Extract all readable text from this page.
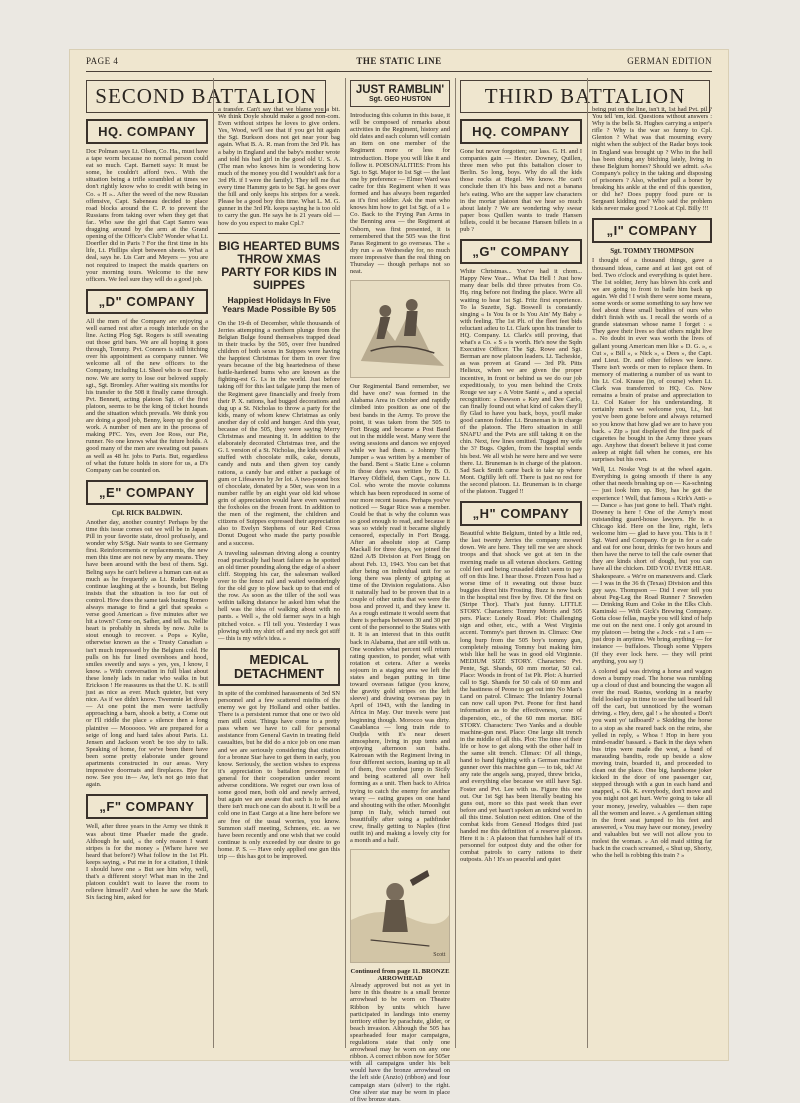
PAGE 4	THE STATIC LINE	GERMAN EDITION
SECOND BATTALION
HQ. COMPANY

Doc Polman says Lt. Olsen, Co. Ha., must have a tape worm because no normal person could eat so much. Capt. Barnett says: It must be some, he couldn't afford two.. With the situation being a trifle scrambled at times we don't rightly know who to credit with being in Co. « H ».. After the weed of the new Russian offensive, Capt. Sabeneau decided to place road blocks around the C. P. to prevent the Russians from taking over when they get that far.. Who saw the girl that Capt Samro was dragging around by the arm at the Grand opening of the Officer's Club? Wonder what Lt. Doerfler did in Paris ? For the first time in his life, Lt. Phillips slept between sheets. What a deal, says he. Lts Carr and Meyers — you are not required to inspect the maids quarters on your morning tours. Welcome to the new officers. We feel sure they will do a good job.

„D" COMPANY

All the men of the Company are enjoying a well earned rest after a rough interlude on the line. Acting Plog Sgt. Rogers is still sweating out those grid bars. We are all hoping it goes through, Tommy. Pvt. Conners is still bitching over his appointment as company runner. We welcome all of the new officers to the Company, including Lt. Sheel who is our Exec. now. We are sorry to lose our beloved supply sgt., Sgt. Bromley. After waiting six months for his transfer to the 508 it finally came through. Pvt. Bennett, acting platoon Sgt. of the first platoon, seems to be the king of ticket hounds and the situation which prevails. We think you are doing a good job, Benny, keep up the good work. A number of men are in the process of making PFC. Yes, even Joe Ross, our Pie, runner. No one knows what the future holds. A good many of the men are sweating out passes as well as 48 hr. jobs to Paris. But, regardless of what the future holds in store for us, a D's Company can be counted on.

„E" COMPANY
Cpl. RICK BALDWIN.

Another day, another country! Perhaps by the time this issue comes out we will be in Japan. Pill in your favorite state, drool profusely, and wonder why S/Sgt. Nair wants to see Germany first. Reinforcements or replacements, the new men this time are not new by any means. They have been around with the best of them. Sgt. Beling says he can't believe a human can eat as much as he frequently as Lt. Ruder. People continue laughing at the « bounds, but Beling insists that the situation is too far out of control. How does the same task busing Romeo always manage to find a girl that speaks « verse good American » five minutes after we hit a town? Come on, Sather, and tell us. Nellie heart is probably in shreds by now. Julie is stout enough to recover. « Pops » Kylie, otherwise known as the « Trusty Canadian » isn't much impressed by the Belgium cold. He pulls on his fur lined overshoes and hood, smiles sweetly and says « yes, yes, I know, I know. » With conversation in full blast about these lonely lads in radar who walks in but Erickson ! He reassures us that the U. K. is still just as nice as ever. Much quieter, but very nice. As if we didn't know. Twemmie let down — At one point the men were tactfully approaching a barn, shook a betty, a Come out or I'll riddle the place » silence then a long plaintive — Moooooo. We are prepared for a seige of long and hard tales about Paris. Lt. Jensen and Jackson won't be too shy to talk. Speaking of home, for we've been there have been some pretty elaborate under ground apartments constructed in our areas. Very impressive doormats and fireplaces. Bye for now. See you in— Aw, let's not go into that again.

„F" COMPANY

Well, after three years in the Army we think it was about time Phaeler made the grade. Although he said, « the only reason I want stripes is for the money » (Where have we heard that before?) What follow in the 1st Plt. keeps saying, « Put me in for a citation, I think I should have one » But see him why, well, that's a different story! What man in the 2nd platoon couldn't wait to leave the room to relieve himself? And when he saw the Mark Six facing him, asked for

a transfer. Can't say that we blame you a bit. We think Doyle should make a good non-com. Even without stripes he loves to give orders. Yes, Wood, we'll see that if you get hit again the Sgt. Burkson does not get near your bag again. What B. A. R. man from the 3rd Plt. has a baby in England and the baby's mother wrote and told his bad girl in the good old U. S. A. (The man who knows him is wondering how much of the money you did I wouldn't ask for a 3rd Plt. if I were the family). They tell me that every time Hammy gets to be Sgt. he goes over the hill and only keeps his stripes for a week. Please be a good boy this time. What L. M. G. gunner in the 3rd Plt. keeps saying he is too old to carry the gun. He says he is 21 years old — how do you expect to make Cpl.?

BIG HEARTED BUMS THROW XMAS PARTY FOR KIDS IN SUIPPES
Happiest Holidays In Five Years Made Possible By 505

On the 19-th of December, while thousands of Jerries attempting a northern plunge from the Belgian Bulge found themselves trapped dead in their tracks by the 505, over five hundred children of both sexes in Suippes were having the happiest Christmas for them in over five years because of the big heartedness of these battle-hardened bums who are known as the fighting-est G. I.s in the world. Just before taking off for this last tailgate jump the men of the Regiment gave financially and freely from their P. X. rations, had bugged decorations and dug up a St. Nicholas to throw a party for the kids, many of whom knew Christmas as only another day of cold and hunger. And this year, because of the 505, they were saying Merry Christmas and meaning it. In addition to the elaborately decorated Christmas tree, and the G. I. version of a St. Nicholas, the kids were all stuffed with chocolate milk, cake, donuts, candy and nuts and then given toy candy rations, a candy bar and either a package of gum or Lifesavers by Jer lot. A two-pound box of chocolate, donated by a 50er, was won in a number raffle by an eight year old kid whose grin of appreciation would have even warmed the foxholes on the frozen front. In addition to the men of the regiment, the children and citizens of Suippes expressed their appreciation also to Evelyn Stephens of our Red Cross Donut Dugout who made the party possible and a success.

A traveling salesman driving along a country road practically had heart failure as he spotted an old timer pounding along the edge of a sheer cliff. Stopping his car, the salesman walked over to the fence rail and waited wonderingly for the old guy to plow back up to that end of the row. As soon as the tiller of the soil was within talking distance he asked him what the hell was the idea of walking about with no pants. « Well », the old farmer says in a high pitched voice. « I'll tell you. Yesterday I was plowing with my shirt off and my neck got stiff — this is my wife's idea. »

MEDICAL DETACHMENT

In spite of the combined harassments of 3rd SN personnel and a few scattered misfits of the enemy we got by Holland and other battles. There is a persistent rumor that one or two old men still exist. Things have come to a pretty pass when we have to call for personal assistance from General Gavin in treating field casualties, but he did do a nice job on one man and we are seriously considering that citation for a bronze Star have to get them in early, you know. Seriously, the section wishes to express it's appreciation to battalion personnel in general for their cooperation under recent adverse conditions. We regret our own loss of some good men, both old and newly arrived, but again we are aware that such is to be and there isn't much one can do about it. It will be a cold one in East Cargo at a line here before we are free of the usual worries, you know. Summon staff meeting, Schmees, etc. as we have been recently and one wish that we could continue is only exceeded by our desire to go home. P. S. — Have only applied one gun this trip — this has got to be improved.

JUST RAMBLIN'
Sgt. GEO HUSTON

Introducing this column in this issue, it will be composed of remarks about activities in the Regiment, history and old dates and each column will contain an item on one member of the Regiment more or less for introduction. Hope you will like it and follow it. POISONALITIES: From his Sgt. to Sgt. Major to 1st Sgt — the last one by preference — Elmer Ward was cadre for this Regiment when it was formed and has always been regarded as it's first soldier. Ask the man who knows him how to get 1st Sgt. of a 1 » Co. Back to the Frying Pan Arms in the Benning area — the Regiment at Osborn, was first presented, it is remembered that the 505 was the first Paras Regiment to go overseas. The « dry run » as Wednesday for, no much more impressive than the real thing on Thursday — though perhaps not so neat.

Our Regimental Band remember, we did have one? was formed in the Alabama Area in October and rapidly climbed into position as one of the best bands in the Army. To prove the point, it was taken from the 505 to Fort Bragg and became a Post Band out in the middle west. Many were the swing sessions and dances we enjoyed while we had them. « Johnny The Jumper » was written by a member of the band. Bent « Static Line » column in those days was written by B. O. Harvey Oldfield, then Capt., now Lt. Col. who wrote the movie columns which has been reproduced in some of our more recent issues. Perhaps you've noticed — Sugar Rice was a member. Could be that is why the column was so good enough to read, and because it was so widely read it became slightly censored, especially in Fort Bragg. After an absolute stop at Camp Mackall for three days, we joined the 82nd A/B Division at Fort Bragg on about Feb. 13, 1943. You can bet that after being on individual unit for so long there was plenty of griping at time of the Division regulations. Also it naturally had to be proven that in a couple of other units that we were the boss and proved it, and they knew it. As a rough estimate it would seem that there is perhaps between 30 and 30 per cent of the personnel to the States with it. It is an interest that in this outfit back in Alabama, that are still with us. One wonders what percent will return rating question, to ponder, what with rotation et cetera. After a weeks sojourn in a staging area we left the states and began putting in time toward overseas fatigue (you know, the gravity gold stripes on the left sleeve) and drawing overseas pay in April of 1943, with the landing in Africa in May. Our travels were just beginning though. Morocco was dirty. Casablanca — long train ride to Oudjda with it's near desert atmosphere, living in pup tents and enjoying afternoon sun baths. Kairouan with the Regiment living in four different sectors, leaning up in all of them, five combat jump in Sicily and being scattered all over hell forming as a unit. Then back to Africa trying to catch the enemy for another weary — eating grapes on one hand and shouting with the other. Moonlight jump in Italy, which turned out beautifully after using a pathfinder crew, finally getting to Naples (first outfit in) and making a lovely city for a month and a half.

Scott
Continued from page 11. BRONZE ARROWHEAD

Already approved but not as yet in here in this theatre is a small bronze arrowhead to be worn on Theatre Ribbon by units which have participated in landings into enemy territory either by parachute, glider, or beach invasion. Although the 505 has spearheaded four major campaigns, regulations state that only one arrowhead may be worn on any one ribbon. A correct ribbon now for 505er with all campaigns under his belt would have the bronze arrowhead on the left side (Anzio) (ribbon) and four campaign stars (silver) to the right. One silver star may be worn in place of five bronze stars.

THIRD BATTALION
HQ. COMPANY

Gone but never forgotten; our lass. G. H. and I companies gain — Hester. Downey, Quillen, three men who put this battalion closer to Berlin. So long, boys. Why do all the kids those rocks at Hegel. We know. He can't conclude then it's his bass and not a banana he's eating. Who are the sapper law characters in the mortar platoon that we hear so much about lately ? We are wondering why swear paper boss Quillen wants to trade Hansen billets, could it be because Hansen billets in a pub ?

„G" COMPANY

White Christmas... You've had it chom... Happy New Year... What Da Hell ! Just how many dear bells did three privates from Co. Hq. ring before not finding the place. We're all waiting to hear 1st Sgt. Fritz first experience. To la Suzette, Sgt. Boswell is constantly singing « Is You Is or Is You Ain' My Baby » with feeling. The 1st Plt. of the fleet feet bids reluctant adieu to Lt. Clark upon his transfer to HQ. Company. Lt. Clark's still proving, that what's a Co. « S » is worth. He's now the Sqdn Executive Officer. The Sgt. Rowe and Sgt. Berman are now platoon leaders. Lt. Tacheskie, as was proven at Grand — 3rd Plt. Pitts Helieux, when we are given the proper incentive, in front or behind us we do our job expeditiously, to you men behind the Croix Rouge we say « A Votre Santé », and a special recognition: « Dawson » Key and Dee Carlo, can finally found out what kind of cakes they'll fly Glad to have you back, boys, you'll make good cannon fodder. Lt. Bruneman is in charge of the platoon. The Hero situation in still SNAFU and the Pvts are still taking it on the chin. Next, few lines omitted. Tugged my wife the 3? Bugs. Ogden, from the hospital sends his best. We all wish he were here and we were there. Lt. Bruneman is in charge of the platoon. Sad Sack Smith came back to take up where Mont. Ogfilly left off. There is just no rest for the second platoon. Lt. Bruneman is in charge of the platoon. Tugged !!

„H" COMPANY

Beautiful white Belgium, tinted by a little red, the last twenty Jerries the company mowed down. We are here. They tell me we are shock troops and that shock we got at ten in the morning made us all veteran shockers. Getting cold feet and being crusaded didn't seem to pay off on this line. I hear those. Frozen Foss had a worse time of it sweating out those buzz buggies direct hits Frosting. Buzz is now back in the hospital rest five by five. Of the first on (Stripe Thor). That's just funny. LITTLE STORY. Characters: Tommy Morris and 505 pers. Place: Lonely Road. Plot: Challenging sign and other, etc., with a West Virginia accent. Tommy's part thrown in. Climax: One long burp from the 505 boy's tommy gun, completely missing Tommy but making him wish like hell he was in good old Virginnie. MEDIUM SIZE STORY. Characters: Pvt. Pente, Sgt. Shands, 60 mm mortar, 50 cal. Place: Woods in front of 1st Plt. Plot: A hurried call to Sgt. Shands for 50 cals of 60 mm and the hastiness of Peone to get out into No Man's Land on patrol. Climax: The Infantry Journal can now call upon Pvt. Peone for first hand information as to the effectiveness, cone of dispersion, etc., of the 60 mm mortar. BIG STORY. Characters: Two Yanks and a double machine-gun nest. Place: One large slit trench in the middle of all this. Plot: The time of their life or how to get along with the other half in the same slit trench. Climax: Of all things, hand to hand fighting with a German machine gunner over this machine gun — to tsk, tsk! At any rate the angels sang, prayed, threw bricks, and everything else because we still have Sgt. Foster and Pvt. Lee with us. Figure this one out. Our 1st Sgt has been literally beating his guns out, more so this past week than ever before and yet hasn't spoken an unkind word in all this time. Solution next edition. One of the combat kids from Genesd Hodges third just handed me this definition of a reserve platoon. Here it is : A platoon that furnishes half of it's personnel for outpost duty and the other for combat patrols to carry rations to their outposts. Ah ! It's so peaceful and quiet

being put on the line, isn't it, 1st had Pvt. pil ? You tell 'em, kid. Questions without answers : Why is the bells St. Hughes carrying a sniper's rifle ? Why is the war so funny to Cpl. Glenton ? What was that mourning every night when the subject of the Radar boys took in England was brought up ? Who in the hell has been doing any bitching lately, living in these Belgium homes? Should we admit. »A« Company's policy in the taking and disposing of prisoners ? Also, whether pull a boner by breaking his ankle at the end of this question, or did he? Does puppy food pure or is Sergeant kidding me? Who said the problem kids never make good ? Look at Cpl. Billy !!!

„I" COMPANY
Sgt. TOMMY THOMPSON

I thought of a thousand things, gave a thousand ideas, came and at last got out of bed. Two o'clock and everything is quiet here. The 1st soldier, Jerry has blown his cork and we are going to front to batle him back up again. We did ! I wish there were some means, some words or some something to say how we feel about these small buddies of ours who didn't finish with us. I recall the words of a grande statesman whose name I forget : « They gave their lives so that others might live ». No doubt in ever was worth the lives of gallant young American men like » D. G. », « Cut », « Bill », « Nick », « Dees », the Capt. and Lieut. Dr. and other fellows we knew. There isn't words or men to replace them. In memory of mattering a number of us want to his Lt. Col. Krause (in, of course) when Lt. Clark was transferred to HQ. Co. Now remains a brain of praise and appreciation to Lt. Col Kaiser for his understanding. It certainly much we welcome you, Lt., but you've been gone before and always returned so you know that how glad we are to have you back. « Zip » just displayed the first pack of cigarettes he bought in the Army three years ago. Anyhow that doesn't believe it just come asleep at night fall when he comes, ere his surprises but his own.

Well, Lt. Noske Vogt is at the wheel again. Everything is going smooth if there is any other that needs brushing up on — Ka-schning — just look him up. Boy, has he got the experience ! Well, that famous « Kirk's Anti- » — Dance » has just gone to hell. That's right. Downey is here ! One of the Army's most outstanding guard-house lawyers. He is a Chicago kid. Here on the line, right, let's welcome him — glad to have you. This is it ! Sgt. Ward and Company. Or go in for a cafe and eat for one hour, drinks for two hours and then have the nerve to tell the cafe owner that they are kinds short of dough, but you can have all the chicken. DID YOU EVER HEAR. Shakespeare. « We're on maneuvers and. Clark — I was in the 36 th (Texas) Division and this guy says. Thompson — Did I ever tell you about Peg-Leg the Road Runner ? Snowden — Drinking Rum and Coke in the Elks Club. Kaminski — With Gick's Brewing Company. Gotta close fellas, maybe you will kind of help me out on the next one. I only got around in my platoon — being the « Jock - rat » I am — just drop in anytime. We bring anything — for instance — buffaloes. Though some Yippers (If they ever lock here. — they will print anything, you say !)

A colored gal was driving a horse and wagon down a bumpy road. The horse was rumbling up a cloud of dust and bouncing the wagon all over the road. Rastus, working in a nearby field looked up in time to see the tail board fall off the cart, but unnoticed by the woman driving. « Hey, dere, gal ! » he shouted « Don't you want yo' tailboard? » Skidding the horse to a stop as she reared back on the reins, she yelled in reply, « Whoa ! Hop in here you mind-readin' bassard. » Back in the days when bus trips were made the west, a band of marauding bandits, rode up beside a slow moving train, boarded it, and proceeded to clean out the place. One big, handsome joker kicked in the door of one passenger car, stepped through with a gun in each hand and snapped, « Ok. K. everybody, don't move and you might not get hurt. We're going to take all your money, jewelry, valuables — then rape all the women and leave. » A gentleman sitting in the front seat jumped to his feet and answered, « You may have our money, jewelry and valuables but we will not allow you to molest the woman. » An old maid sitting far back in the coach screamed, « Shut up, Shorty, who the hell is robbing this train ? »
